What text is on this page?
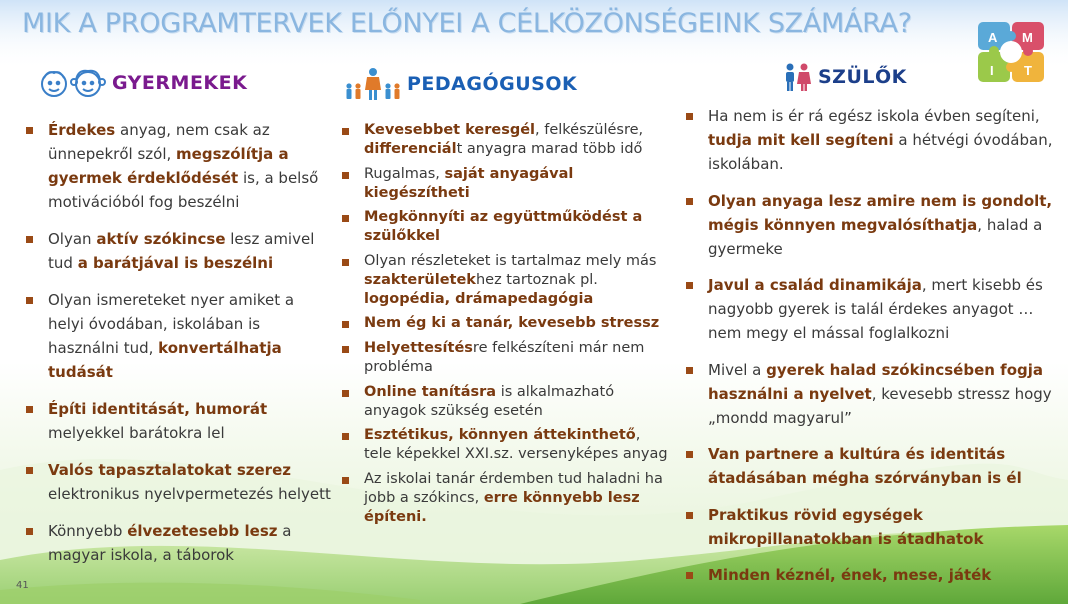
MIK A PROGRAMTERVEK ELŐNYEI A CÉLKÖZÖNSÉGEINK SZÁMÁRA?	A M
I T
GYERMEKEK	PEDAGÓGUSOK	SZÜLŐK
Érdekes anyag, nem csak az ünnepekről szól, megszólítja a gyermek érdeklődését is, a belső motivációból fog beszélni
Olyan aktív szókincse lesz amivel tud a barátjával is beszélni
Olyan ismereteket nyer amiket a helyi óvodában, iskolában is használni tud, konvertálhatja tudását
Építi identitását, humorát melyekkel barátokra lel
Valós tapasztalatokat szerez elektronikus nyelvpermetezés helyett
Könnyebb élvezetesebb lesz a magyar iskola, a táborok
Kevesebbet keresgél, felkészülésre, differenciált anyagra marad több idő
Rugalmas, saját anyagával kiegészítheti
Megkönnyíti az együttműködést a szülőkkel
Olyan részleteket is tartalmaz mely más szakterületekhez tartoznak pl. logopédia, drámapedagógia
Nem ég ki a tanár, kevesebb stressz
Helyettesítésre felkészíteni már nem probléma
Online tanításra is alkalmazható anyagok szükség esetén
Esztétikus, könnyen áttekinthető, tele képekkel XXI.sz. versenyképes anyag
Az iskolai tanár érdemben tud haladni ha jobb a szókincs, erre könnyebb lesz építeni.
Ha nem is ér rá egész iskola évben segíteni, tudja mit kell segíteni a hétvégi óvodában, iskolában.
Olyan anyaga lesz amire nem is gondolt, mégis könnyen megvalósíthatja, halad a gyermeke
Javul a család dinamikája, mert kisebb és nagyobb gyerek is talál érdekes anyagot … nem megy el mással foglalkozni
Mivel a gyerek halad szókincsében fogja használni a nyelvet, kevesebb stressz hogy „mondd magyarul”
Van partnere a kultúra és identitás átadásában mégha szórványban is él
Praktikus rövid egységek mikropillanatokban is átadhatok
Minden kéznél, ének, mese, játék
41
